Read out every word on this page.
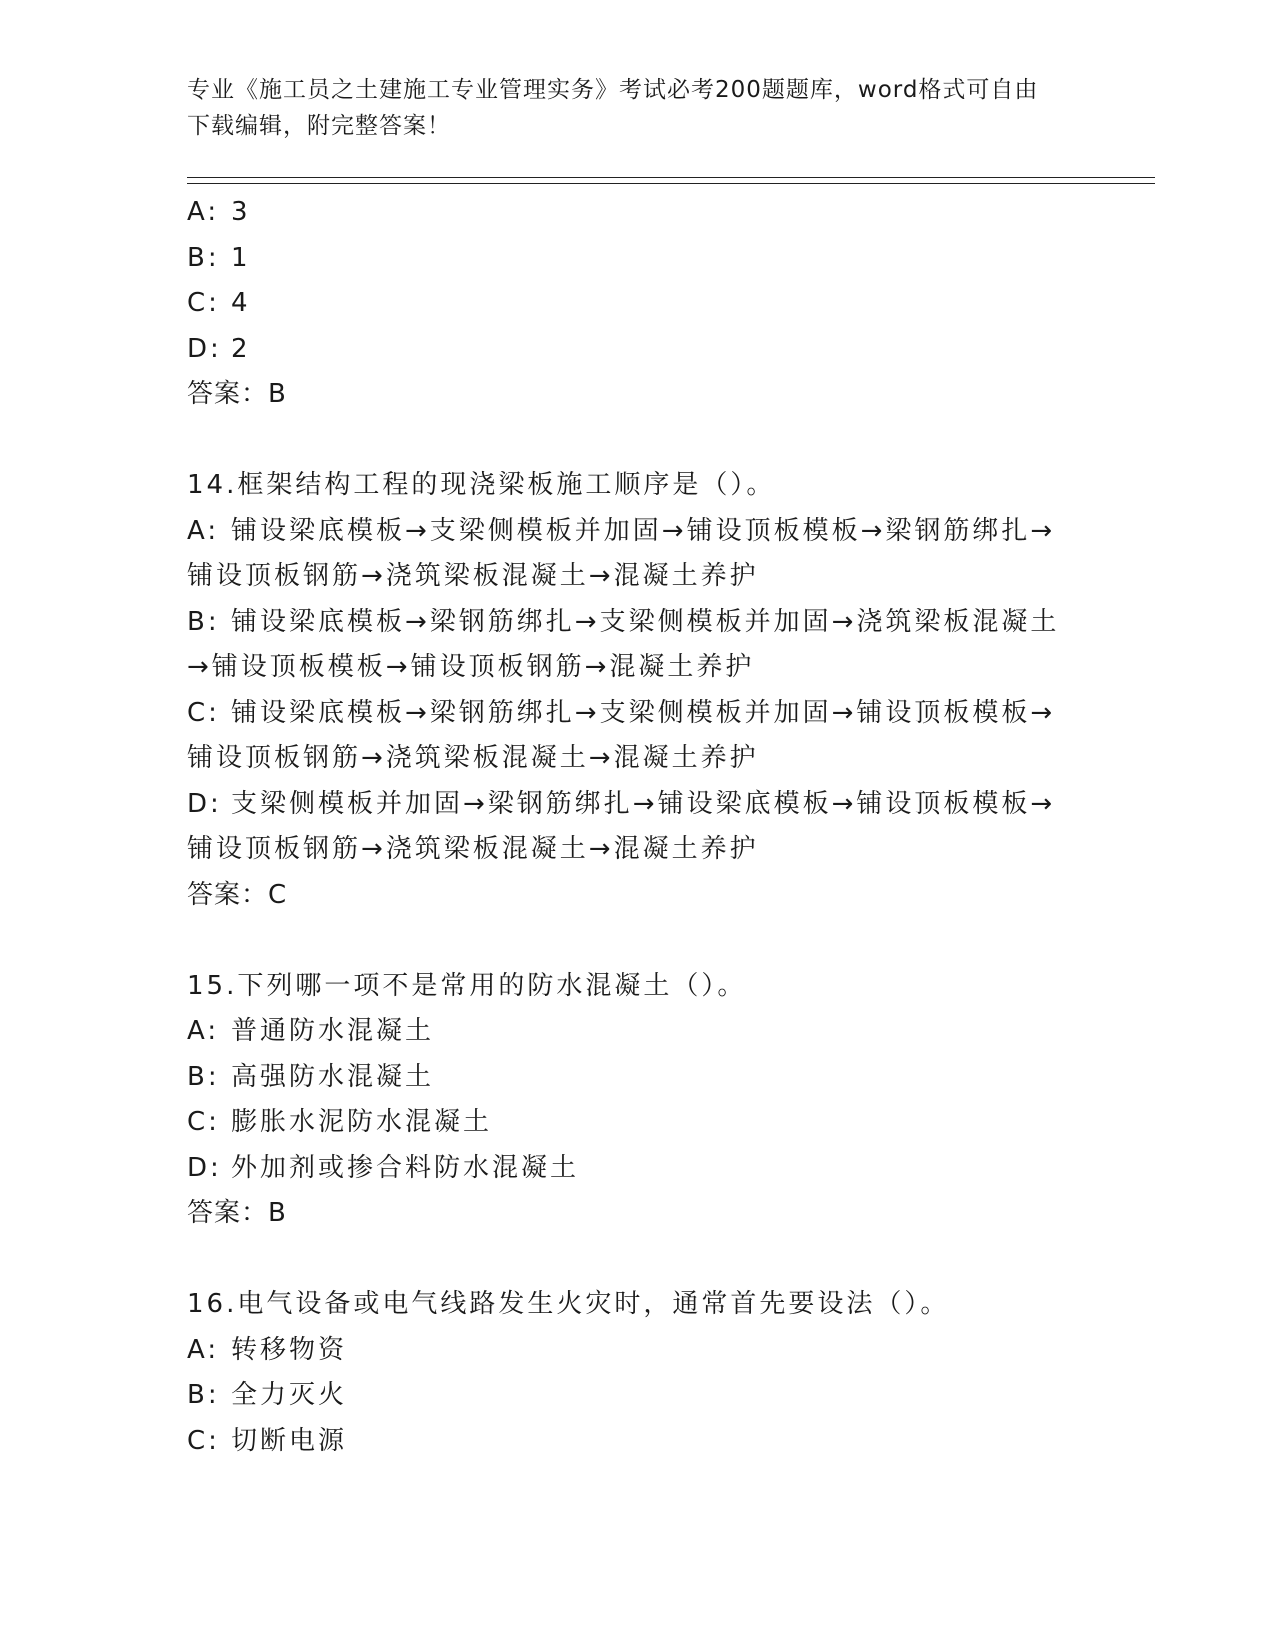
专业《施工员之土建施工专业管理实务》考试必考200题题库，word格式可自由
下载编辑，附完整答案！

A: 3

B: 1

C: 4

D: 2

答案：B

14.框架结构工程的现浇梁板施工顺序是（）。

A: 铺设梁底模板→支梁侧模板并加固→铺设顶板模板→梁钢筋绑扎→

铺设顶板钢筋→浇筑梁板混凝土→混凝土养护

B: 铺设梁底模板→梁钢筋绑扎→支梁侧模板并加固→浇筑梁板混凝土

→铺设顶板模板→铺设顶板钢筋→混凝土养护

C: 铺设梁底模板→梁钢筋绑扎→支梁侧模板并加固→铺设顶板模板→

铺设顶板钢筋→浇筑梁板混凝土→混凝土养护

D: 支梁侧模板并加固→梁钢筋绑扎→铺设梁底模板→铺设顶板模板→

铺设顶板钢筋→浇筑梁板混凝土→混凝土养护

答案：C

15.下列哪一项不是常用的防水混凝土（）。

A: 普通防水混凝土

B: 高强防水混凝土

C: 膨胀水泥防水混凝土

D: 外加剂或掺合料防水混凝土

答案：B

16.电气设备或电气线路发生火灾时，通常首先要设法（）。

A: 转移物资

B: 全力灭火

C: 切断电源
